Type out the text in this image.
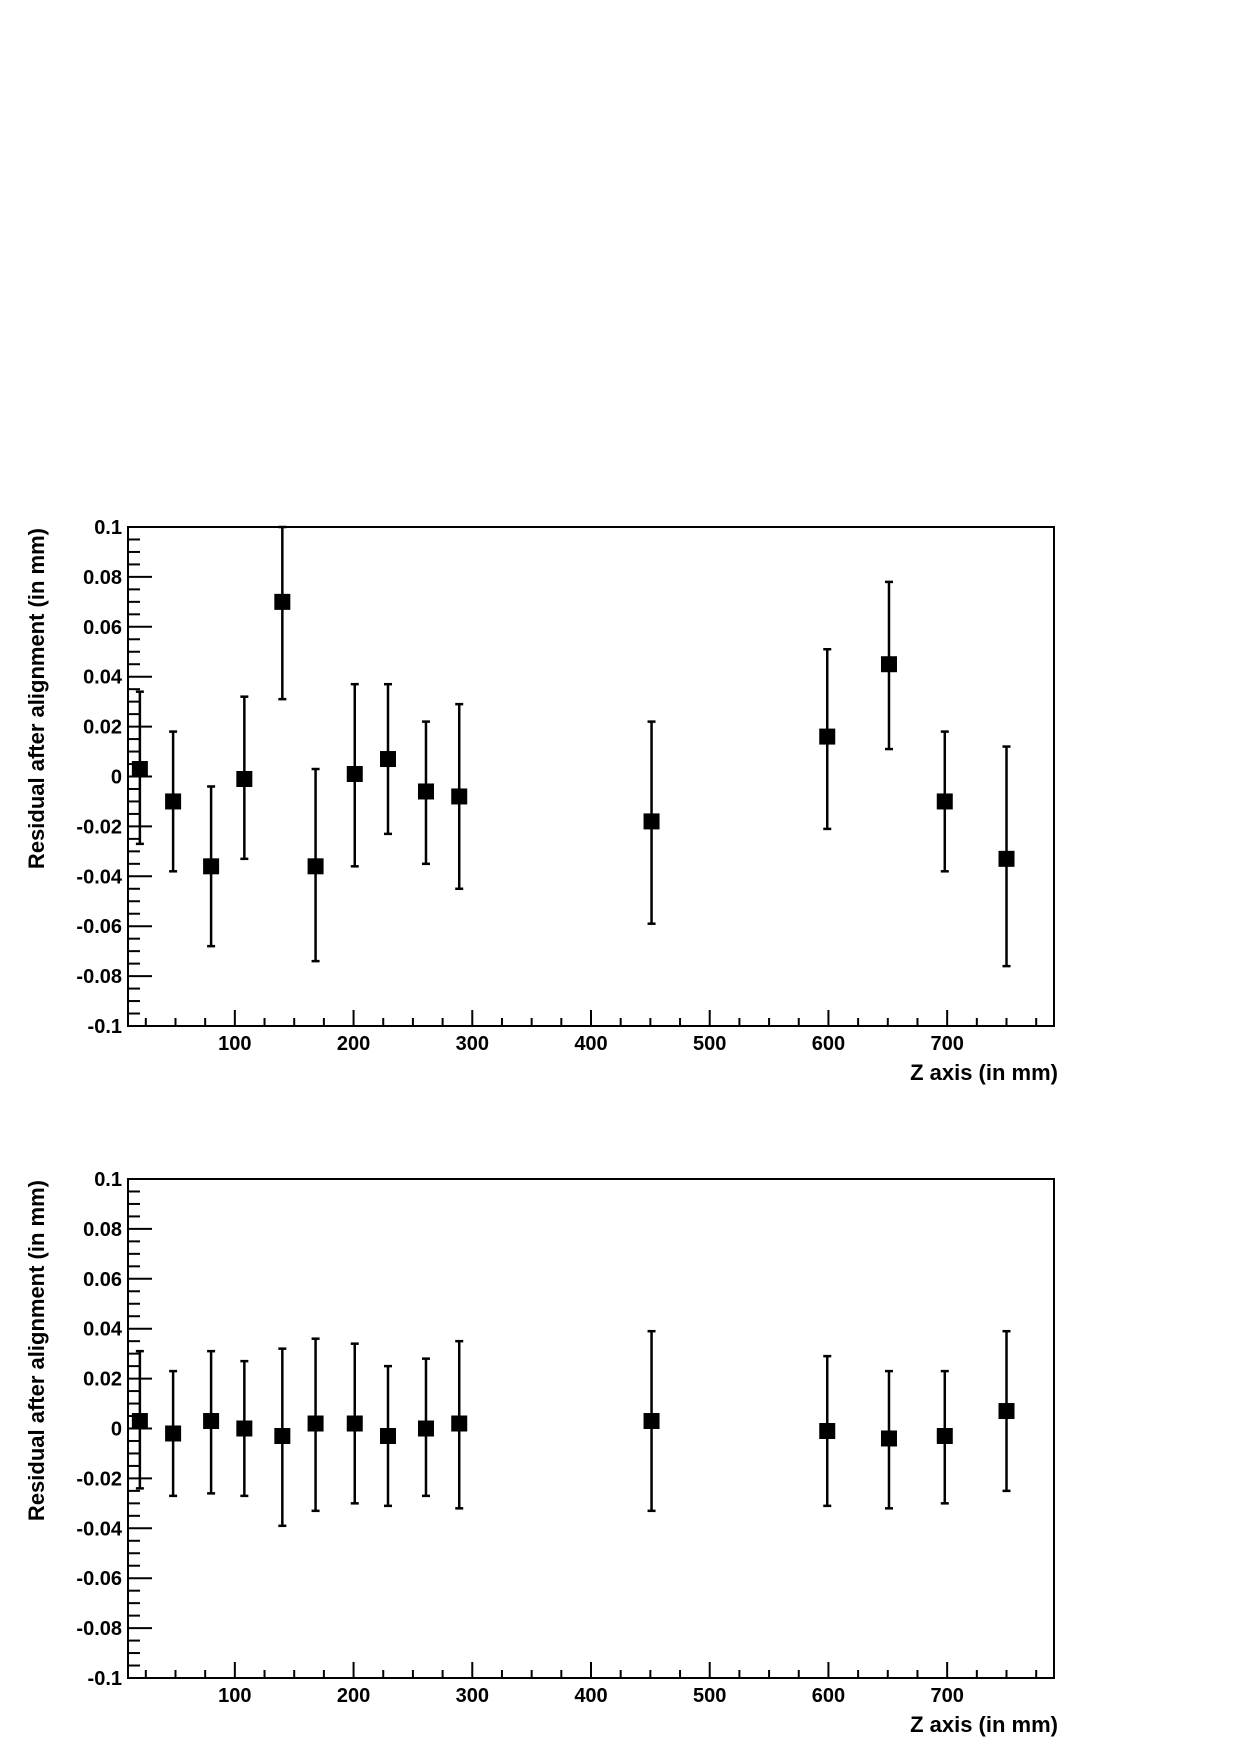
100	200	300	400	500	600	700
0.1
0.08
0.06
0.04
0.02
0
-0.02
-0.04
-0.06
-0.08
-0.1
Z axis (in mm)
Residual after alignment (in mm)
100	200	300	400	500	600	700
0.1
0.08
0.06
0.04
0.02
0
-0.02
-0.04
-0.06
-0.08
-0.1
Z axis (in mm)
Residual after alignment (in mm)
